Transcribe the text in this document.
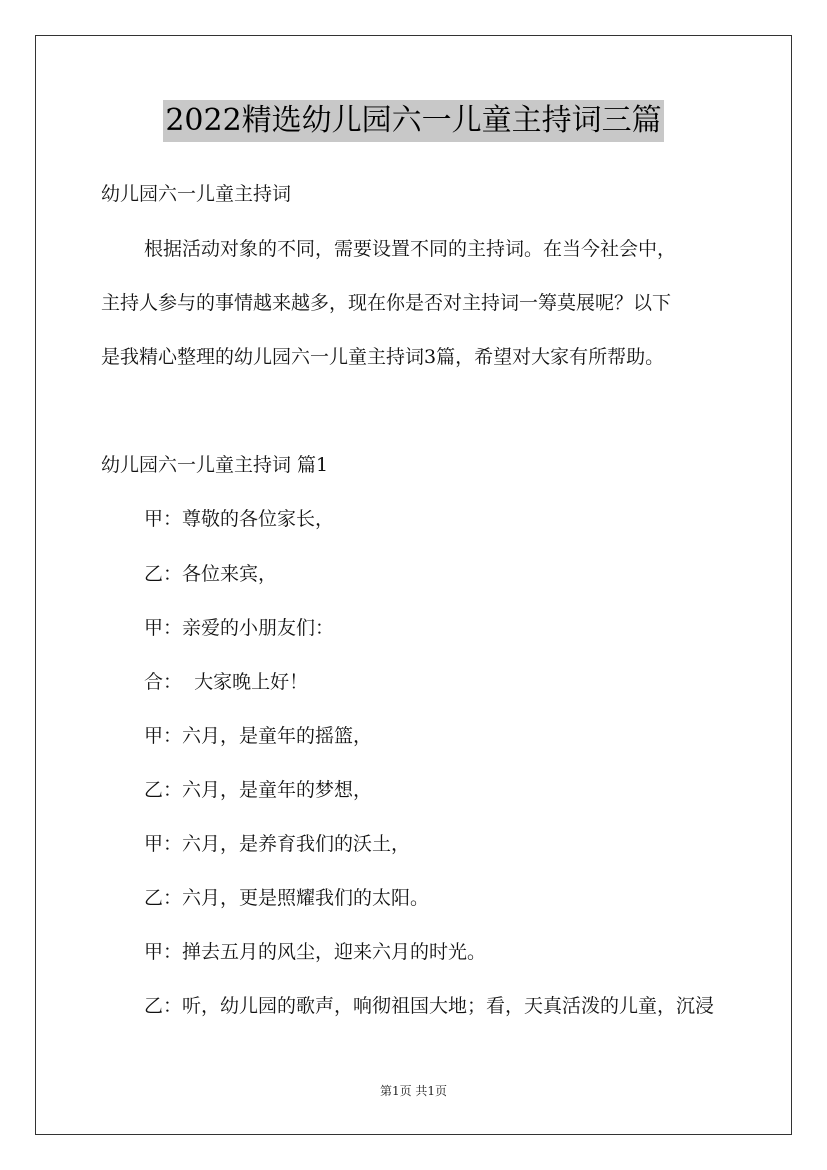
2022精选幼儿园六一儿童主持词三篇
幼儿园六一儿童主持词
根据活动对象的不同，需要设置不同的主持词。在当今社会中，
主持人参与的事情越来越多，现在你是否对主持词一筹莫展呢？以下
是我精心整理的幼儿园六一儿童主持词3篇，希望对大家有所帮助。
幼儿园六一儿童主持词 篇1
甲：尊敬的各位家长，
乙：各位来宾，
甲：亲爱的小朋友们：
合：  大家晚上好！
甲：六月，是童年的摇篮，
乙：六月，是童年的梦想，
甲：六月，是养育我们的沃土，
乙：六月，更是照耀我们的太阳。
甲：掸去五月的风尘，迎来六月的时光。
乙：听，幼儿园的歌声，响彻祖国大地；看，天真活泼的儿童，沉浸
第1页 共1页
